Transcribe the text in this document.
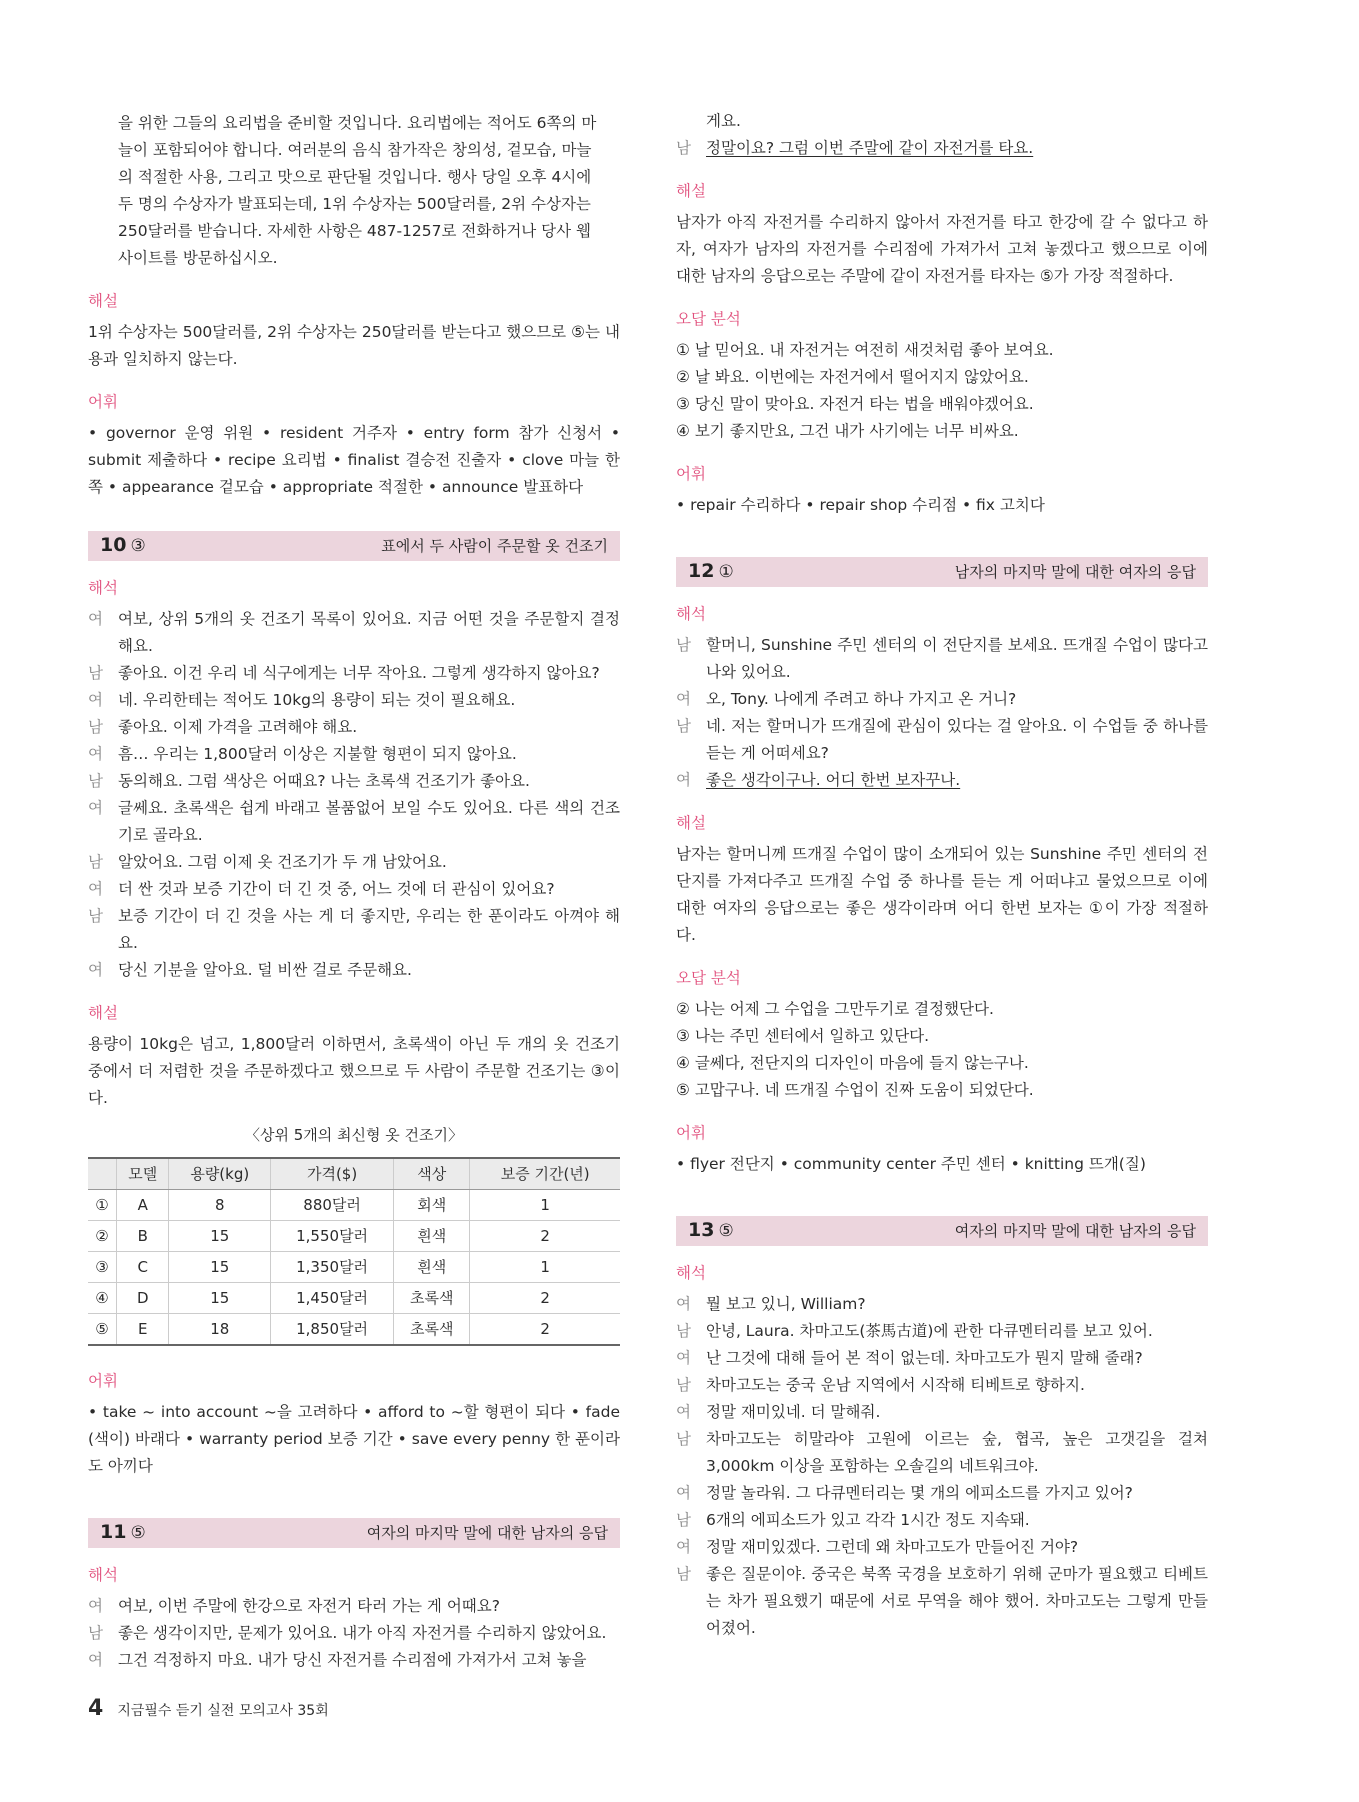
을 위한 그들의 요리법을 준비할 것입니다. 요리법에는 적어도 6쪽의 마

늘이 포함되어야 합니다. 여러분의 음식 참가작은 창의성, 겉모습, 마늘

의 적절한 사용, 그리고 맛으로 판단될 것입니다. 행사 당일 오후 4시에

두 명의 수상자가 발표되는데, 1위 수상자는 500달러를, 2위 수상자는

250달러를 받습니다. 자세한 사항은 487-1257로 전화하거나 당사 웹

사이트를 방문하십시오.

해설

1위 수상자는 500달러를, 2위 수상자는 250달러를 받는다고 했으므로 ⑤는 내용과 일치하지 않는다.

어휘

• governor 운영 위원 • resident 거주자 • entry form 참가 신청서 • submit 제출하다 • recipe 요리법 • finalist 결승전 진출자 • clove 마늘 한 쪽 • appearance 겉모습 • appropriate 적절한 • announce 발표하다

10 ③	표에서 두 사람이 주문할 옷 건조기
해석
여 여보, 상위 5개의 옷 건조기 목록이 있어요. 지금 어떤 것을 주문할지 결정해요.
남 좋아요. 이건 우리 네 식구에게는 너무 작아요. 그렇게 생각하지 않아요?
여 네. 우리한테는 적어도 10kg의 용량이 되는 것이 필요해요.
남 좋아요. 이제 가격을 고려해야 해요.
여 흠… 우리는 1,800달러 이상은 지불할 형편이 되지 않아요.
남 동의해요. 그럼 색상은 어때요? 나는 초록색 건조기가 좋아요.
여 글쎄요. 초록색은 쉽게 바래고 볼품없어 보일 수도 있어요. 다른 색의 건조기로 골라요.
남 알았어요. 그럼 이제 옷 건조기가 두 개 남았어요.
여 더 싼 것과 보증 기간이 더 긴 것 중, 어느 것에 더 관심이 있어요?
남 보증 기간이 더 긴 것을 사는 게 더 좋지만, 우리는 한 푼이라도 아껴야 해요.
여 당신 기분을 알아요. 덜 비싼 걸로 주문해요.
해설

용량이 10kg은 넘고, 1,800달러 이하면서, 초록색이 아닌 두 개의 옷 건조기 중에서 더 저렴한 것을 주문하겠다고 했으므로 두 사람이 주문할 건조기는 ③이다.

〈상위 5개의 최신형 옷 건조기〉
	모델	용량(kg)	가격($)	색상	보증 기간(년)
①	A	8	880달러	회색	1
②	B	15	1,550달러	흰색	2
③	C	15	1,350달러	흰색	1
④	D	15	1,450달러	초록색	2
⑤	E	18	1,850달러	초록색	2
어휘

• take ~ into account ~을 고려하다 • afford to ~할 형편이 되다 • fade (색이) 바래다 • warranty period 보증 기간 • save every penny 한 푼이라도 아끼다

11 ⑤	여자의 마지막 말에 대한 남자의 응답
해석
여 여보, 이번 주말에 한강으로 자전거 타러 가는 게 어때요?
남 좋은 생각이지만, 문제가 있어요. 내가 아직 자전거를 수리하지 않았어요.
여 그건 걱정하지 마요. 내가 당신 자전거를 수리점에 가져가서 고쳐 놓을
게요.
남 정말이요? 그럼 이번 주말에 같이 자전거를 타요.
해설

남자가 아직 자전거를 수리하지 않아서 자전거를 타고 한강에 갈 수 없다고 하자, 여자가 남자의 자전거를 수리점에 가져가서 고쳐 놓겠다고 했으므로 이에 대한 남자의 응답으로는 주말에 같이 자전거를 타자는 ⑤가 가장 적절하다.

오답 분석

① 날 믿어요. 내 자전거는 여전히 새것처럼 좋아 보여요.

② 날 봐요. 이번에는 자전거에서 떨어지지 않았어요.

③ 당신 말이 맞아요. 자전거 타는 법을 배워야겠어요.

④ 보기 좋지만요, 그건 내가 사기에는 너무 비싸요.

어휘

• repair 수리하다 • repair shop 수리점 • fix 고치다

12 ①	남자의 마지막 말에 대한 여자의 응답
해석
남 할머니, Sunshine 주민 센터의 이 전단지를 보세요. 뜨개질 수업이 많다고 나와 있어요.
여 오, Tony. 나에게 주려고 하나 가지고 온 거니?
남 네. 저는 할머니가 뜨개질에 관심이 있다는 걸 알아요. 이 수업들 중 하나를 듣는 게 어떠세요?
여 좋은 생각이구나. 어디 한번 보자꾸나.
해설

남자는 할머니께 뜨개질 수업이 많이 소개되어 있는 Sunshine 주민 센터의 전단지를 가져다주고 뜨개질 수업 중 하나를 듣는 게 어떠냐고 물었으므로 이에 대한 여자의 응답으로는 좋은 생각이라며 어디 한번 보자는 ①이 가장 적절하다.

오답 분석

② 나는 어제 그 수업을 그만두기로 결정했단다.

③ 나는 주민 센터에서 일하고 있단다.

④ 글쎄다, 전단지의 디자인이 마음에 들지 않는구나.

⑤ 고맙구나. 네 뜨개질 수업이 진짜 도움이 되었단다.

어휘

• flyer 전단지 • community center 주민 센터 • knitting 뜨개(질)

13 ⑤	여자의 마지막 말에 대한 남자의 응답
해석
여 뭘 보고 있니, William?
남 안녕, Laura. 차마고도(茶馬古道)에 관한 다큐멘터리를 보고 있어.
여 난 그것에 대해 들어 본 적이 없는데. 차마고도가 뭔지 말해 줄래?
남 차마고도는 중국 운남 지역에서 시작해 티베트로 향하지.
여 정말 재미있네. 더 말해줘.
남 차마고도는 히말라야 고원에 이르는 숲, 협곡, 높은 고갯길을 걸쳐 3,000km 이상을 포함하는 오솔길의 네트워크야.
여 정말 놀라워. 그 다큐멘터리는 몇 개의 에피소드를 가지고 있어?
남 6개의 에피소드가 있고 각각 1시간 정도 지속돼.
여 정말 재미있겠다. 그런데 왜 차마고도가 만들어진 거야?
남 좋은 질문이야. 중국은 북쪽 국경을 보호하기 위해 군마가 필요했고 티베트는 차가 필요했기 때문에 서로 무역을 해야 했어. 차마고도는 그렇게 만들어졌어.
4 지금필수 듣기 실전 모의고사 35회
